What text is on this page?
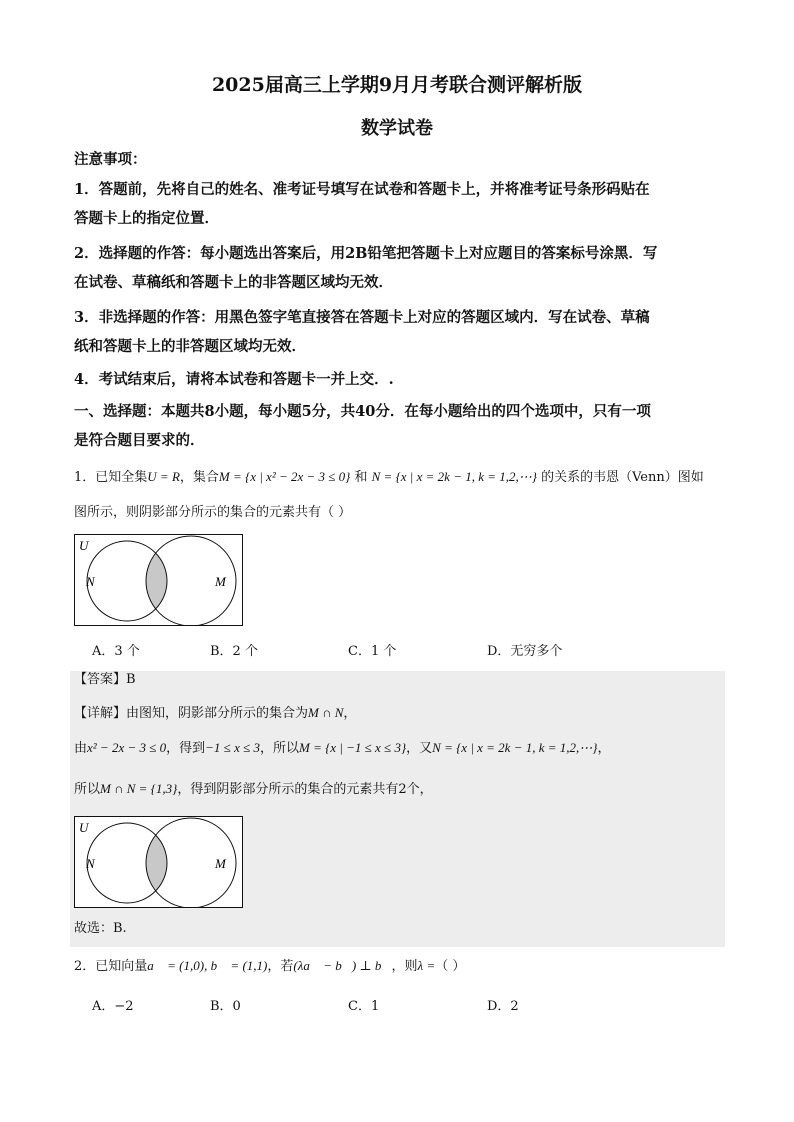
2025届高三上学期9月月考联合测评解析版
数学试卷
注意事项：
1．答题前，先将自己的姓名、准考证号填写在试卷和答题卡上，并将准考证号条形码贴在
答题卡上的指定位置．
2．选择题的作答：每小题选出答案后，用2B铅笔把答题卡上对应题目的答案标号涂黑．写
在试卷、草稿纸和答题卡上的非答题区域均无效．
3．非选择题的作答：用黑色签字笔直接答在答题卡上对应的答题区域内．写在试卷、草稿
纸和答题卡上的非答题区域均无效．
4．考试结束后，请将本试卷和答题卡一并上交．.
一、选择题：本题共8小题，每小题5分，共40分．在每小题给出的四个选项中，只有一项
是符合题目要求的．
1．已知全集U = R，集合M = {x | x² − 2x − 3 ≤ 0} 和 N = {x | x = 2k − 1, k = 1,2,⋯} 的关系的韦恩（Venn）图如
图所示，则阴影部分所示的集合的元素共有（ ）
U
N	M
A．3 个	B．2 个	C．1 个	D．无穷多个
【答案】B
【详解】由图知，阴影部分所示的集合为M ∩ N，
由x² − 2x − 3 ≤ 0，得到−1 ≤ x ≤ 3，所以M = {x | −1 ≤ x ≤ 3}，又N = {x | x = 2k − 1, k = 1,2,⋯}，
所以M ∩ N = {1,3}，得到阴影部分所示的集合的元素共有2个，
U
N	M
故选：B.
2．已知向量a⃗ = (1,0), b⃗ = (1,1)，若(λa⃗ − b⃗) ⊥ b⃗，则λ =（ ）
A．−2	B．0	C．1	D．2
